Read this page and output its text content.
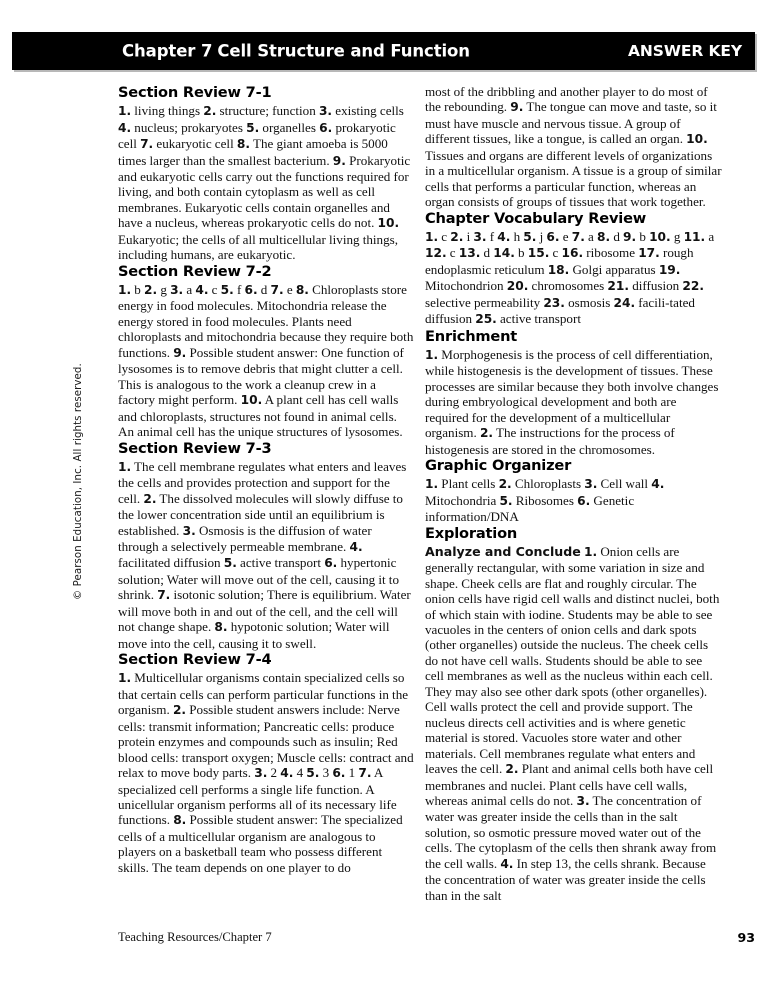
Chapter 7 Cell Structure and Function	ANSWER KEY
© Pearson Education, Inc. All rights reserved.
Section Review 7-1

1. living things 2. structure; function 3. existing cells 4. nucleus; prokaryotes 5. organelles 6. prokaryotic cell 7. eukaryotic cell 8. The giant amoeba is 5000 times larger than the smallest bacterium. 9. Prokaryotic and eukaryotic cells carry out the functions required for living, and both contain cytoplasm as well as cell membranes. Eukaryotic cells contain organelles and have a nucleus, whereas prokaryotic cells do not. 10. Eukaryotic; the cells of all multicellular living things, including humans, are eukaryotic.

Section Review 7-2

1. b 2. g 3. a 4. c 5. f 6. d 7. e 8. Chloroplasts store energy in food molecules. Mitochondria release the energy stored in food molecules. Plants need chloroplasts and mitochondria because they require both functions. 9. Possible student answer: One function of lysosomes is to remove debris that might clutter a cell. This is analogous to the work a cleanup crew in a factory might perform. 10. A plant cell has cell walls and chloroplasts, structures not found in animal cells. An animal cell has the unique structures of lysosomes.

Section Review 7-3

1. The cell membrane regulates what enters and leaves the cells and provides protection and support for the cell. 2. The dissolved molecules will slowly diffuse to the lower concentration side until an equilibrium is established. 3. Osmosis is the diffusion of water through a selectively permeable membrane. 4. facilitated diffusion 5. active transport 6. hypertonic solution; Water will move out of the cell, causing it to shrink. 7. isotonic solution; There is equilibrium. Water will move both in and out of the cell, and the cell will not change shape. 8. hypotonic solution; Water will move into the cell, causing it to swell.

Section Review 7-4

1. Multicellular organisms contain specialized cells so that certain cells can perform particular functions in the organism. 2. Possible student answers include: Nerve cells: transmit information; Pancreatic cells: produce protein enzymes and compounds such as insulin; Red blood cells: transport oxygen; Muscle cells: contract and relax to move body parts. 3. 2 4. 4 5. 3 6. 1 7. A specialized cell performs a single life function. A unicellular organism performs all of its necessary life functions. 8. Possible student answer: The specialized cells of a multicellular organism are analogous to players on a basketball team who possess different skills. The team depends on one player to do

most of the dribbling and another player to do most of the rebounding. 9. The tongue can move and taste, so it must have muscle and nervous tissue. A group of different tissues, like a tongue, is called an organ. 10. Tissues and organs are different levels of organizations in a multicellular organism. A tissue is a group of similar cells that performs a particular function, whereas an organ consists of groups of tissues that work together.

Chapter Vocabulary Review

1. c 2. i 3. f 4. h 5. j 6. e 7. a 8. d 9. b 10. g 11. a 12. c 13. d 14. b 15. c 16. ribosome 17. rough endoplasmic reticulum 18. Golgi apparatus 19. Mitochondrion 20. chromosomes 21. diffusion 22. selective permeability 23. osmosis 24. facili-tated diffusion 25. active transport

Enrichment

1. Morphogenesis is the process of cell differentiation, while histogenesis is the development of tissues. These processes are similar because they both involve changes during embryological development and both are required for the development of a multicellular organism. 2. The instructions for the process of histogenesis are stored in the chromosomes.

Graphic Organizer

1. Plant cells 2. Chloroplasts 3. Cell wall 4. Mitochondria 5. Ribosomes 6. Genetic information/DNA

Exploration

Analyze and Conclude 1. Onion cells are generally rectangular, with some variation in size and shape. Cheek cells are flat and roughly circular. The onion cells have rigid cell walls and distinct nuclei, both of which stain with iodine. Students may be able to see vacuoles in the centers of onion cells and dark spots (other organelles) outside the nucleus. The cheek cells do not have cell walls. Students should be able to see cell membranes as well as the nucleus within each cell. They may also see other dark spots (other organelles). Cell walls protect the cell and provide support. The nucleus directs cell activities and is where genetic material is stored. Vacuoles store water and other materials. Cell membranes regulate what enters and leaves the cell. 2. Plant and animal cells both have cell membranes and nuclei. Plant cells have cell walls, whereas animal cells do not. 3. The concentration of water was greater inside the cells than in the salt solution, so osmotic pressure moved water out of the cells. The cytoplasm of the cells then shrank away from the cell walls. 4. In step 13, the cells shrank. Because the concentration of water was greater inside the cells than in the salt

Teaching Resources/Chapter 7	93
